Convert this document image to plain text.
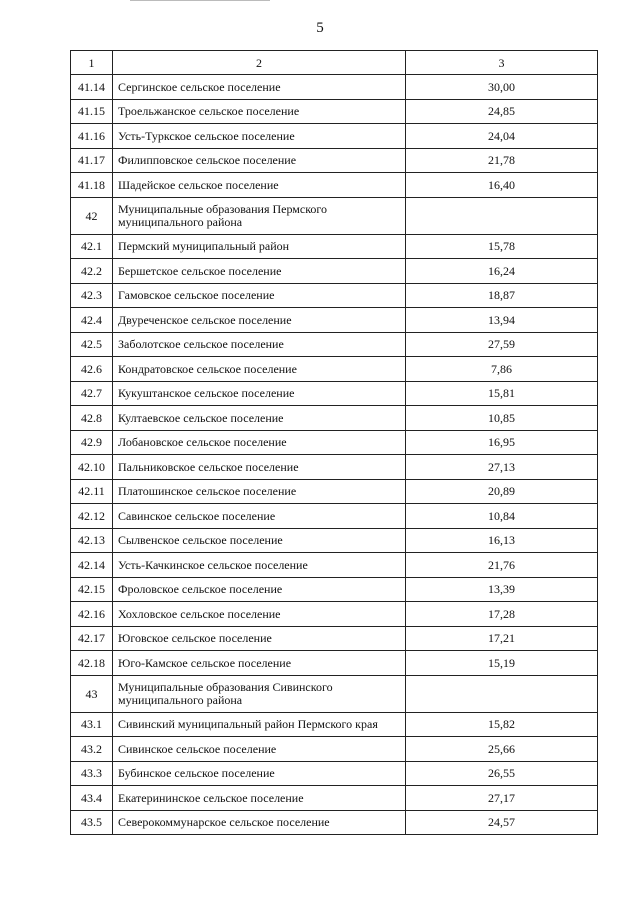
5
1	2	3
41.14	Сергинское сельское поселение	30,00
41.15	Троельжанское сельское поселение	24,85
41.16	Усть-Туркское сельское поселение	24,04
41.17	Филипповское сельское поселение	21,78
41.18	Шадейское сельское поселение	16,40
42	Муниципальные образования Пермского муниципального района	
42.1	Пермский муниципальный район	15,78
42.2	Бершетское сельское поселение	16,24
42.3	Гамовское сельское поселение	18,87
42.4	Двуреченское сельское поселение	13,94
42.5	Заболотское сельское поселение	27,59
42.6	Кондратовское сельское поселение	7,86
42.7	Кукуштанское сельское поселение	15,81
42.8	Култаевское сельское поселение	10,85
42.9	Лобановское сельское поселение	16,95
42.10	Пальниковское сельское поселение	27,13
42.11	Платошинское сельское поселение	20,89
42.12	Савинское сельское поселение	10,84
42.13	Сылвенское сельское поселение	16,13
42.14	Усть-Качкинское сельское поселение	21,76
42.15	Фроловское сельское поселение	13,39
42.16	Хохловское сельское поселение	17,28
42.17	Юговское сельское поселение	17,21
42.18	Юго-Камское сельское поселение	15,19
43	Муниципальные образования Сивинского муниципального района	
43.1	Сивинский муниципальный район Пермского края	15,82
43.2	Сивинское сельское поселение	25,66
43.3	Бубинское сельское поселение	26,55
43.4	Екатерининское сельское поселение	27,17
43.5	Северокоммунарское сельское поселение	24,57
